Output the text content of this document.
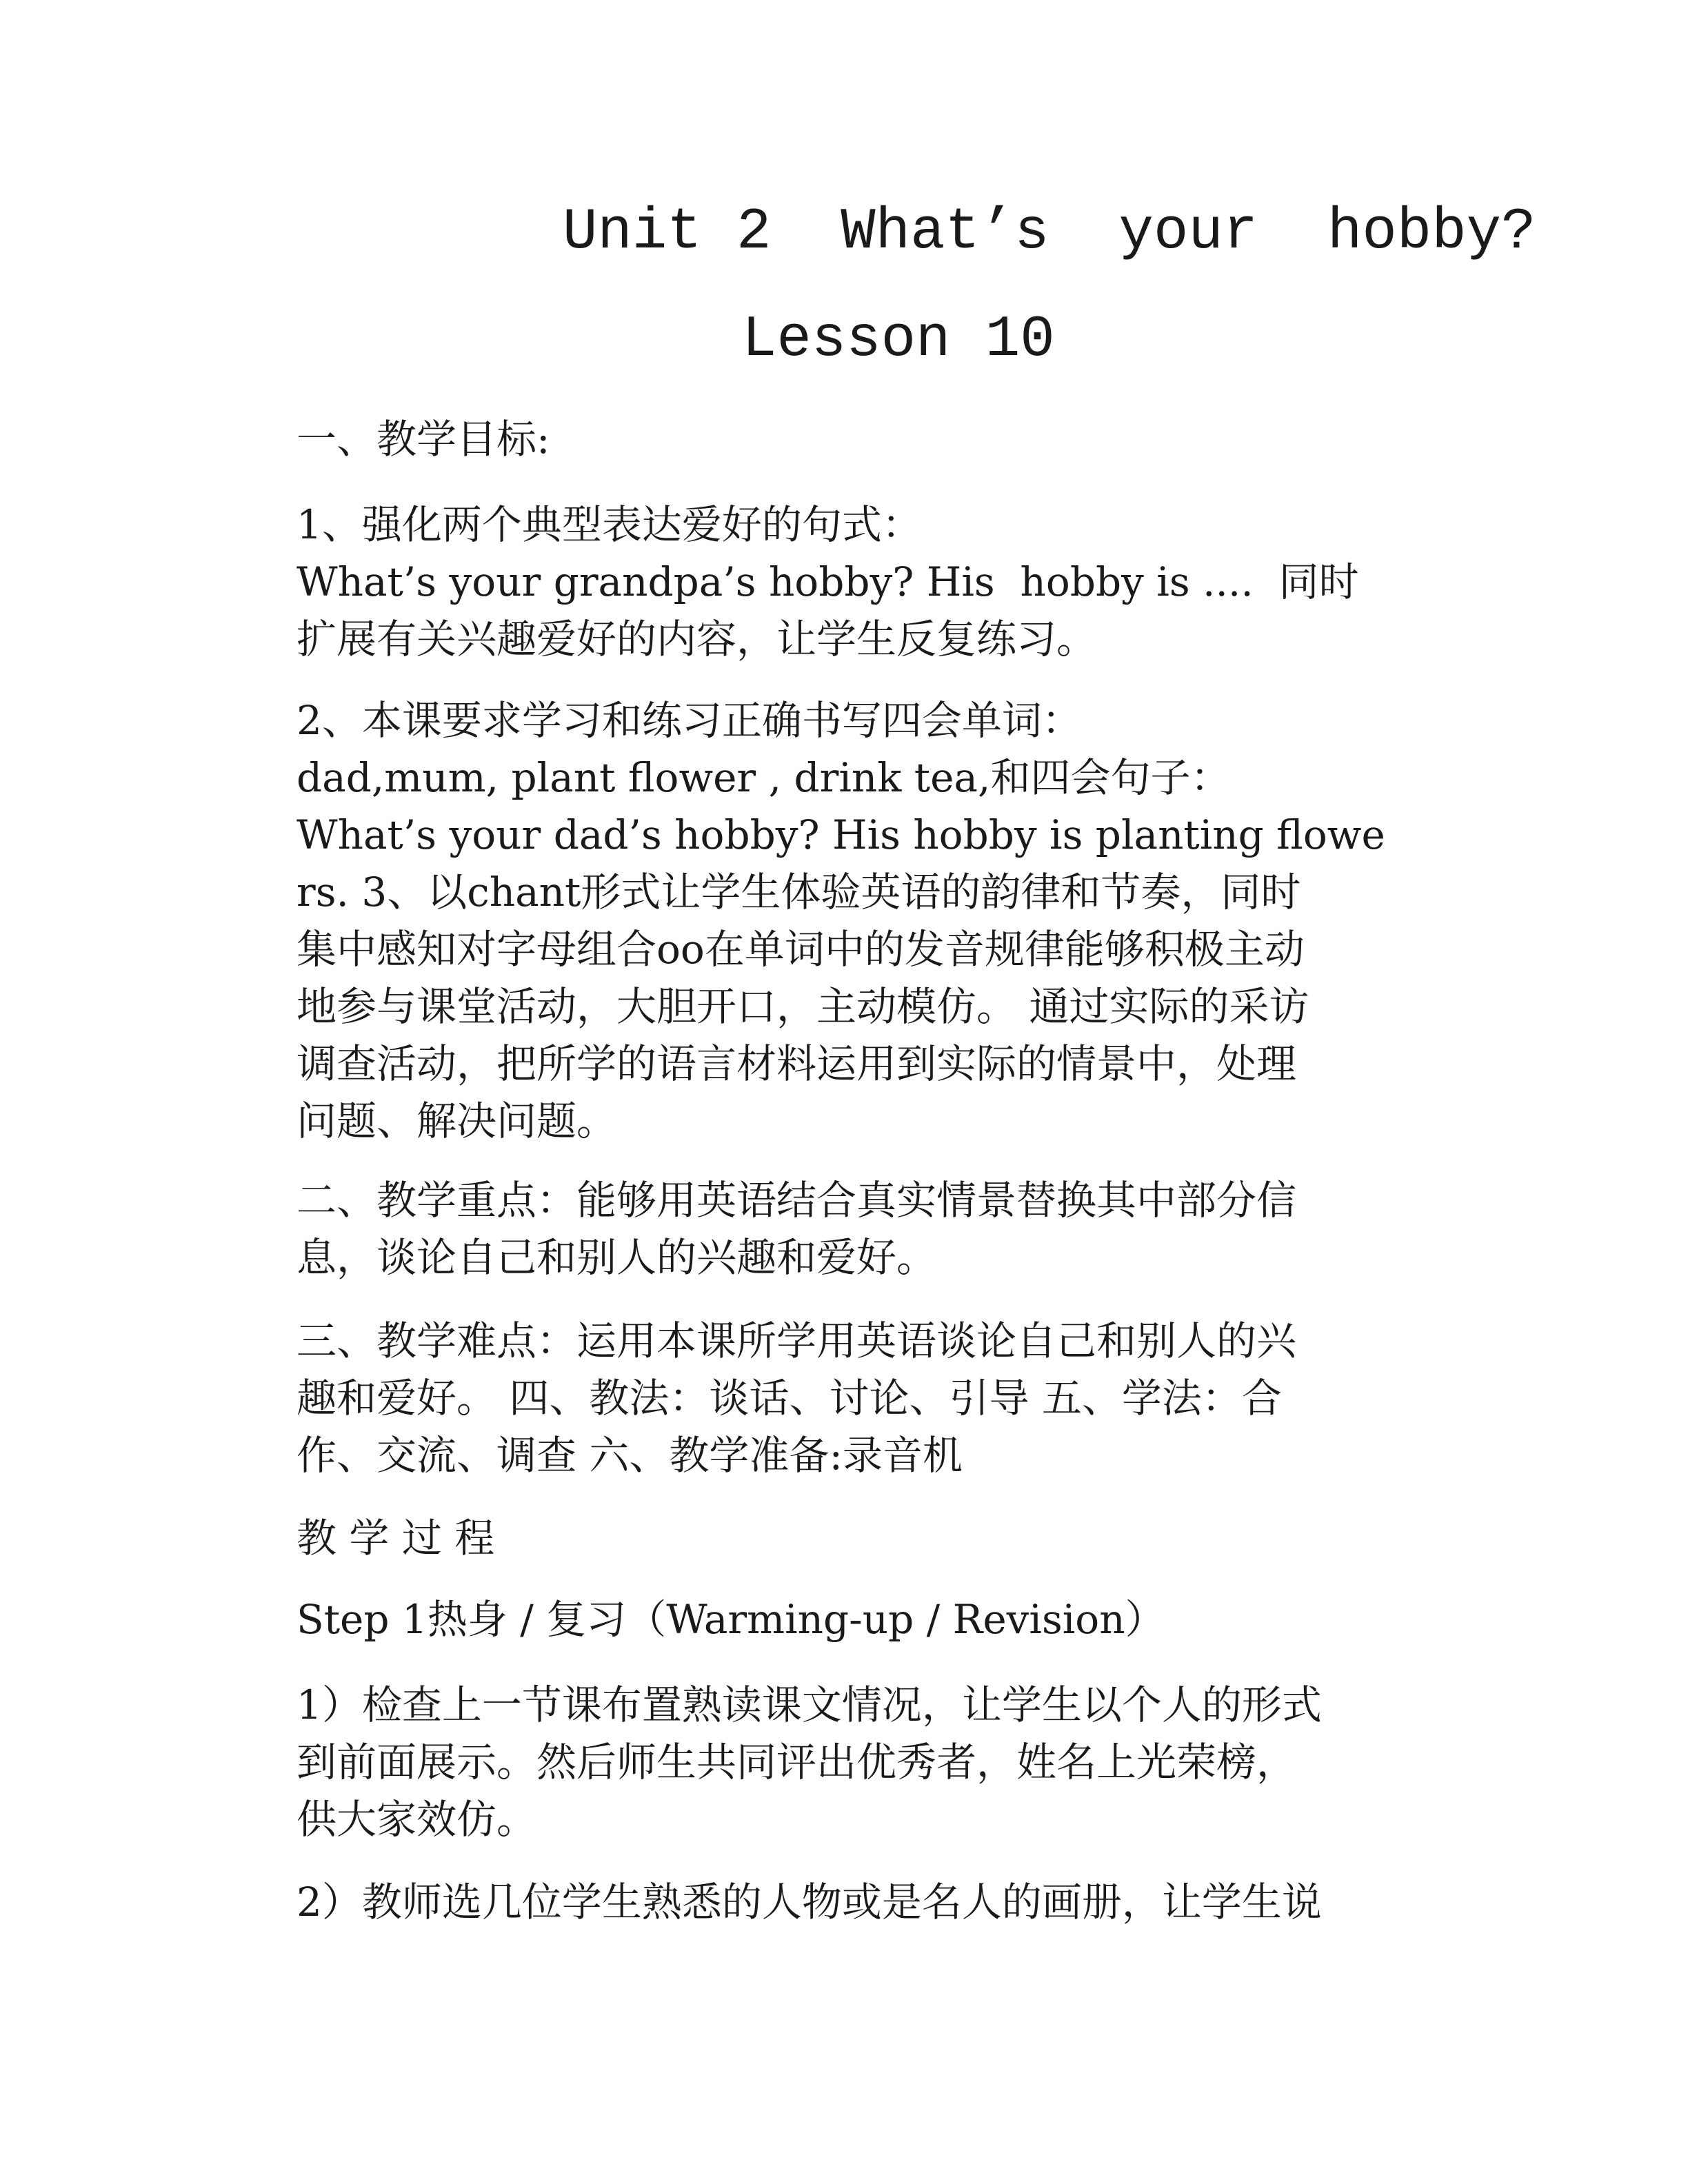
Unit 2  What’s  your  hobby?
Lesson 10

一、教学目标:

1、强化两个典型表达爱好的句式：
What’s your grandpa’s hobby? His  hobby is ....  同时
扩展有关兴趣爱好的内容，让学生反复练习。

2、本课要求学习和练习正确书写四会单词：
dad,mum, plant flower , drink tea,和四会句子：
What’s your dad’s hobby? His hobby is planting flowe
rs. 3、以chant形式让学生体验英语的韵律和节奏，同时
集中感知对字母组合oo在单词中的发音规律能够积极主动
地参与课堂活动，大胆开口，主动模仿。 通过实际的采访
调查活动，把所学的语言材料运用到实际的情景中，处理
问题、解决问题。

二、教学重点：能够用英语结合真实情景替换其中部分信
息，谈论自己和别人的兴趣和爱好。

三、教学难点：运用本课所学用英语谈论自己和别人的兴
趣和爱好。 四、教法：谈话、讨论、引导 五、学法：合
作、交流、调查 六、教学准备:录音机

教 学 过 程

Step 1热身 / 复习（Warming-up / Revision）

1）检查上一节课布置熟读课文情况，让学生以个人的形式
到前面展示。然后师生共同评出优秀者，姓名上光荣榜，
供大家效仿。

2）教师选几位学生熟悉的人物或是名人的画册，让学生说
